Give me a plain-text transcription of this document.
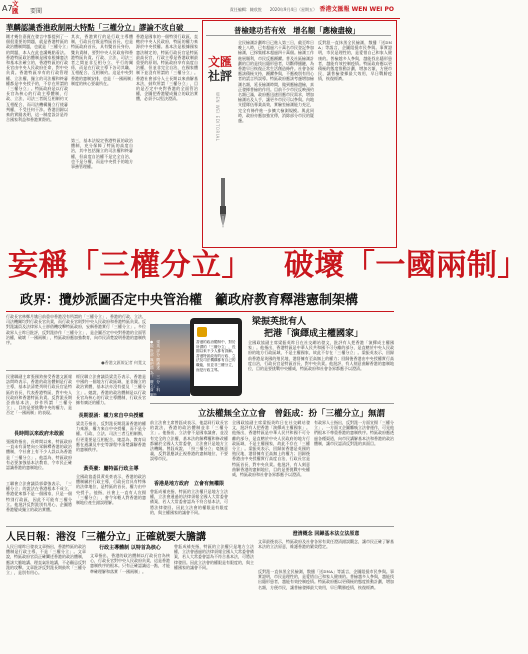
A7 文
匯	要聞	責任編輯：陳欣悅　　2020年9月4日（星期五） 香港文匯報 WEN WEI PO
華麟認識香港政制兩大特點「三權分立」謬論不攻自破
剛才幾位嘉賓在發言中都提到了一個很重要的問題，就是香港特區的政治體制問題，也就是「三權分立」的問題，本人在此也講幾點看法。香港特區政治體制是國家根據憲法和基本法確立的，香港特區的行政長官由中央人民政府任命，對中央負責。香港特區享有的行政管理權、立法權、獨立的司法權和終審權都是中央授予的，不存在所謂的「三權分立」。特區政府是以行政長官為核心的行政主導體制，行政、立法、司法三者既互相制約又互相配合，而司法機構獨立行使審判權，不受任何干涉。香港回歸以來的實踐表明，這一制度設計是符合國家利益和香港實際的。
其次，香港實行的是行政主導體制，行政長官既是特區首長，也是特區政府首長，具有雙首長身份，雙負責制，要對中央人民政府和香港特區負責。行政、立法、司法三者之間並非互相分立、平行的關係，而是在行政主導下各司其職、互相配合、互相制約。這是中央對香港的憲制安排，也是「一國兩制」制度的核心要義所在。
第三，基本法規定香港特區的政治體制，充分保障了特區的高度自治，其中包括獨立的司法權和終審權，但高度自治權不是完全自治，也不是分權，而是中央授予的地方事務管理權。
香港是國家的一個特別行政區，直轄於中央人民政府，特區的權力來源於中央授權。基本法是根據國家憲法制定的，特區行政長官是特區最高長官，行政主導是香港政制最重要的原則。特區政府享有高度自治權，但並非完全自治，在國家體制下並沒有所謂的「三權分立」。香港社會部分人士長期以來曲解基本法，鼓吹所謂「三權分立」，目的是否定中央對香港的全面管治權，企圖把香港變成獨立的政治實體，必須予以堅決澄清。
普檢建功若有效　增名額「應檢盡檢」
文匯
社評
WEN WEI EDITORIAL
全民檢測計劃昨日已進入第三日，截至昨日晚上八時，已有超過六十萬名市民登記參加檢測，已採集樣本超過四十萬個。檢測工作進展順利，市民反應踴躍。普及社區檢測計劃的目的是找出隱形患者，切斷傳播鏈，為香港早日恢復正常生活創造條件。社會各界應該積極支持，踴躍參與，不應被別有用心者的謊言所誤導。特區政府應該考慮增加檢測名額，延長檢測時間，做到應檢盡檢，真正發揮普檢的作用。目前不少市民反映預約名額已滿，政府應迅速回應市民需求，增加檢測站及人手，讓更多市民可以參與。內地支援隊伍專業高效，實驗室檢測能力充足，完全有條件進一步擴大檢測規模。與此同時，政府亦應加強宣傳，消除部分市民的疑慮。
反對派一直抹黑全民檢測，散播「送DNA」等謠言，企圖阻撓市民參與。事實證明，市民是理性的，是愛惜自己和家人健康的。普檢越多人參與，越能找出隱形患者，越能有效控制疫情。特區政府應以更積極的態度推動計劃，增加名額，方便市民，讓普檢發揮最大效用，早日戰勝疫情，恢復經濟。
妄稱「三權分立」 破壞「一國兩制」
政界：攬炒派圖否定中央管治權　籲政府教育釋港憲制架構
行政長官林鄭月娥日前重申香港沒有所謂的「三權分立」，香港的行政、立法、司法機關均對行政長官負責，而行政長官則對中央人民政府和香港特區負責。反對派議員及法律界人士卻借機攻擊特區政府，妄稱香港實行「三權分立」。多位政界人士昨日批評，反對派炒作「三權分立」，是企圖否定中央對香港的全面管治權，破壞「一國兩制」，特區政府應加強教育，向市民清楚說明香港的憲制秩序。
●香港文匯報記者 何寬文
民建聯副主席張國鈞接受香港文匯報訪問時表示，香港的政治體制是行政主導，基本法清楚列明行政長官是特區的首長，代表香港特區，對中央人民政府和香港特區負責。反對派長期歪曲基本法，炒作所謂「三權分立」，目的是要挑戰中央的權力，是否定「一國兩制」的表現。
長時間以來政府未敢說
張國鈞指出，長時間以來，特區政府一直未有清楚向公眾解釋香港的政治體制，令社會上有不少人誤以為香港是「三權分立」。他認為，特區政府有必要加強基本法教育，令市民正確認識香港的憲制地位。
工聯會立法會議員郭偉強表示，「三權分立」的說法在香港根本不成立，香港從來都不是一個國家，只是一個特別行政區，因此不可能有三權分立。他批評反對派別有用心，企圖將香港變成獨立的政治實體。
經民聯立法會議員梁美芬表示，香港是中國的一個地方行政區域，並非獨立的政治實體，基本法亦沒有提及「三權分立」。她說，香港的政治體制是以行政長官為核心的行政主導體制，行政長官擁有廣泛的權力。
長期混淆：權力來自中央授權
梁美芬指出，反對派長期混淆香港的權力來源，權力來自中央授權，而不是分權。行政、立法、司法三者互相制衡，但更重要是互相配合。她認為，教育局應在通識及中史等課程中清楚講解香港的憲制秩序。
黃英豪：屬特區行政主導
全國政協委員黃英豪表示，香港的政治體制屬於行政主導，行政長官具有特殊的法律地位，是特區的首長，權力由中央授予。他指，社會上一直有人宣揚「三權分立」，會令年輕人對香港的憲制地位產生錯誤理解。
●梁振英批評部分媒體把港描述為「三權分立」。資料圖片
香港的政治體制中，對於所謂的「三權分立」，長期以來不少人都有誤解。香港特區政府的行政、立法及司法機構都有自己的職能，但並非三權分立，而是行政主導。
梁振英批有人
把港「演繹成主權國家」
全國政協副主席梁振英昨日在社交網站發文，批評有人把香港「演繹成主權國家」。他指出，香港特區是中華人民共和國不可分離的部分，是直轄於中央人民政府的地方行政區域，不是主權國家，故此不存在「三權分立」。梁振英表示，回歸前香港是英國的殖民地，港督擁有至高無上的權力；回歸後香港由中央授權實行高度自治，行政長官是特區首長，對中央負責。他批評，有人刻意曲解香港的憲制地位，目的是要挑戰中央權威，特區政府和社會各界都應予以澄清。
立法權無全立立會　曾鈺成：扮「三權分立」無謂
前立法會主席曾鈺成表示，他認同行政長官的說法，香港的政治體制並非「三權分立」。他指出，立法會不是國家議會，並沒有完全的立法權，基本法的解釋權和修改權都屬於全國人大常委會，立法會只是地方立法機關。曾鈺成說，「扮三權分立」毫無意義，反對派應該正視香港的憲制地位，不要誤導市民。
香港是地方政府　立會有無權限
曾鈺成補充指，特區的立法權只是地方立法權，立法會通過的法律須報全國人大常委會備案，若人大常委會認為不符合基本法，可將法律發回。因此立法會的權限是有限度的，與主權國家的議會不同。
全國政協副主席梁振英昨日在社交網站發文，批評有人把香港「演繹成主權國家」。他指出，香港特區是中華人民共和國不可分離的部分，是直轄於中央人民政府的地方行政區域，不是主權國家，故此不存在「三權分立」。梁振英表示，回歸前香港是英國的殖民地，港督擁有至高無上的權力；回歸後香港由中央授權實行高度自治，行政長官是特區首長，對中央負責。他批評，有人刻意曲解香港的憲制地位，目的是要挑戰中央權威，特區政府和社會各界都應予以澄清。
有政界人士指出，反對派一方面宣揚「三權分立」，一方面又企圖癱瘓立法會運作，可見他們根本不尊重香港的憲制秩序。特區政府應透過各種渠道，向市民講解基本法和香港的政治體制，讓市民認清反對派的真面目。
人民日報：港沒「三權分立」正確就要大膽講
人民日報昨日發表文章指出，香港特區的政治體制是行政主導，不是「三權分立」。文章說，特區政府官員正確闡述香港的政治體制，應該大膽地講、理直氣壯地講，不必顧忌反對派的攻擊。文章批評反對派長期鼓吹「三權分立」，是別有用心。
行政主導體制 以特首為核心
文章指出，香港的政治體制以行政長官為核心，行政長官對中央人民政府負責，這是香港憲制秩序的根本。只有正確認識這一點，才能準確理解和落實「一國兩制」。
曾鈺成補充指，特區的立法權只是地方立法權，立法會通過的法律須報全國人大常委會備案，若人大常委會認為不符合基本法，可將法律發回。因此立法會的權限是有限度的，與主權國家的議會不同。
澄清概念 回歸基本法立法原意
文章最後表示，特區政府及社會各界有責任澄清錯誤觀念，讓市民正確了解基本法的立法原意，維護香港的繁榮穩定。
反對派一直抹黑全民檢測，散播「送DNA」等謠言，企圖阻撓市民參與。事實證明，市民是理性的，是愛惜自己和家人健康的。普檢越多人參與，越能找出隱形患者，越能有效控制疫情。特區政府應以更積極的態度推動計劃，增加名額，方便市民，讓普檢發揮最大效用，早日戰勝疫情，恢復經濟。
